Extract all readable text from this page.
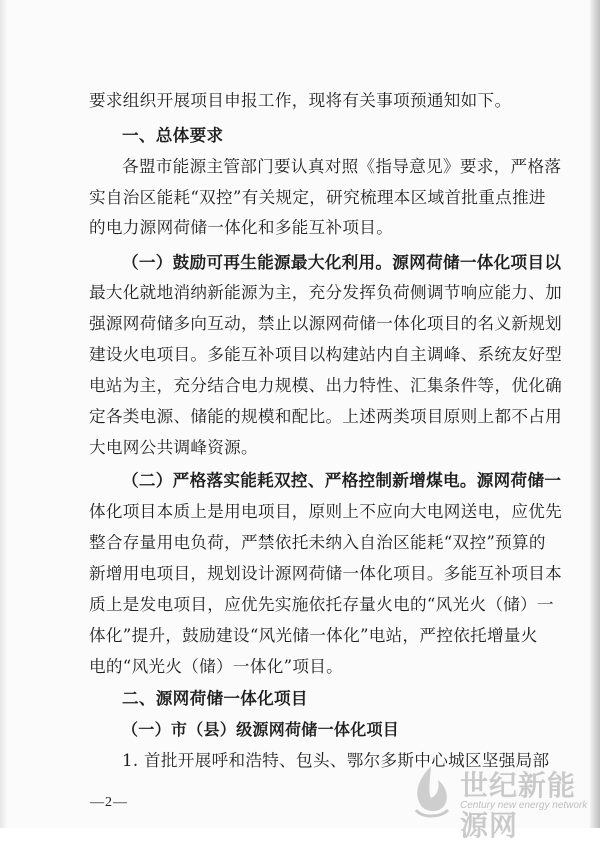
要求组织开展项目申报工作，现将有关事项预通知如下。
一、总体要求
各盟市能源主管部门要认真对照《指导意见》要求，严格落
实自治区能耗“双控”有关规定，研究梳理本区域首批重点推进
的电力源网荷储一体化和多能互补项目。
（一）鼓励可再生能源最大化利用。源网荷储一体化项目以
最大化就地消纳新能源为主，充分发挥负荷侧调节响应能力、加
强源网荷储多向互动，禁止以源网荷储一体化项目的名义新规划
建设火电项目。多能互补项目以构建站内自主调峰、系统友好型
电站为主，充分结合电力规模、出力特性、汇集条件等，优化确
定各类电源、储能的规模和配比。上述两类项目原则上都不占用
大电网公共调峰资源。
（二）严格落实能耗双控、严格控制新增煤电。源网荷储一
体化项目本质上是用电项目，原则上不应向大电网送电，应优先
整合存量用电负荷，严禁依托未纳入自治区能耗“双控”预算的
新增用电项目，规划设计源网荷储一体化项目。多能互补项目本
质上是发电项目，应优先实施依托存量火电的“风光火（储）一
体化”提升，鼓励建设“风光储一体化”电站，严控依托增量火
电的“风光火（储）一体化”项目。
二、源网荷储一体化项目
（一）市（县）级源网荷储一体化项目
1. 首批开展呼和浩特、包头、鄂尔多斯中心城区坚强局部
—2—
世纪新能源网
Century new energy network
